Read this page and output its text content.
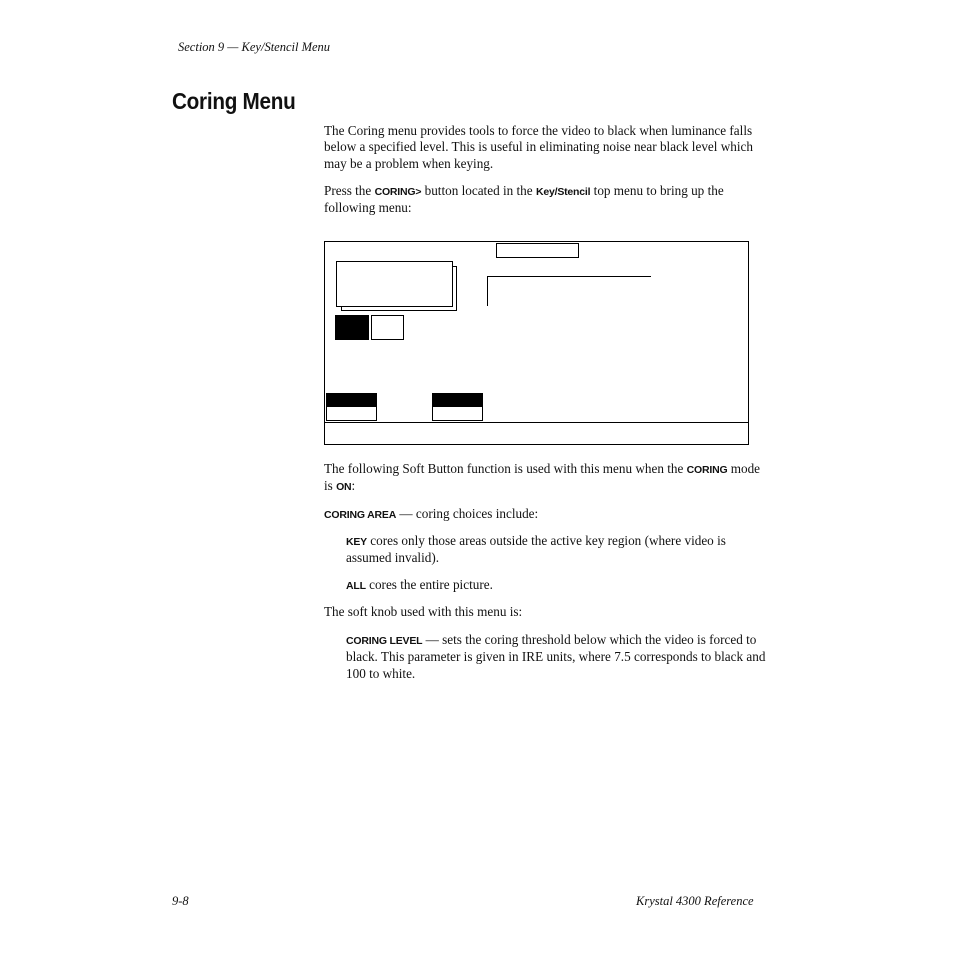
Section 9 — Key/Stencil Menu
Coring Menu
The Coring menu provides tools to force the video to black when luminance falls below a specified level. This is useful in eliminating noise near black level which may be a problem when keying.
Press the CORING> button located in the Key/Stencil top menu to bring up the following menu:
The following Soft Button function is used with this menu when the CORING mode is ON:
CORING AREA — coring choices include:
KEY cores only those areas outside the active key region (where video is assumed invalid).
ALL cores the entire picture.
The soft knob used with this menu is:
CORING LEVEL — sets the coring threshold below which the video is forced to black. This parameter is given in IRE units, where 7.5 corresponds to black and 100 to white.
9-8	Krystal 4300 Reference
